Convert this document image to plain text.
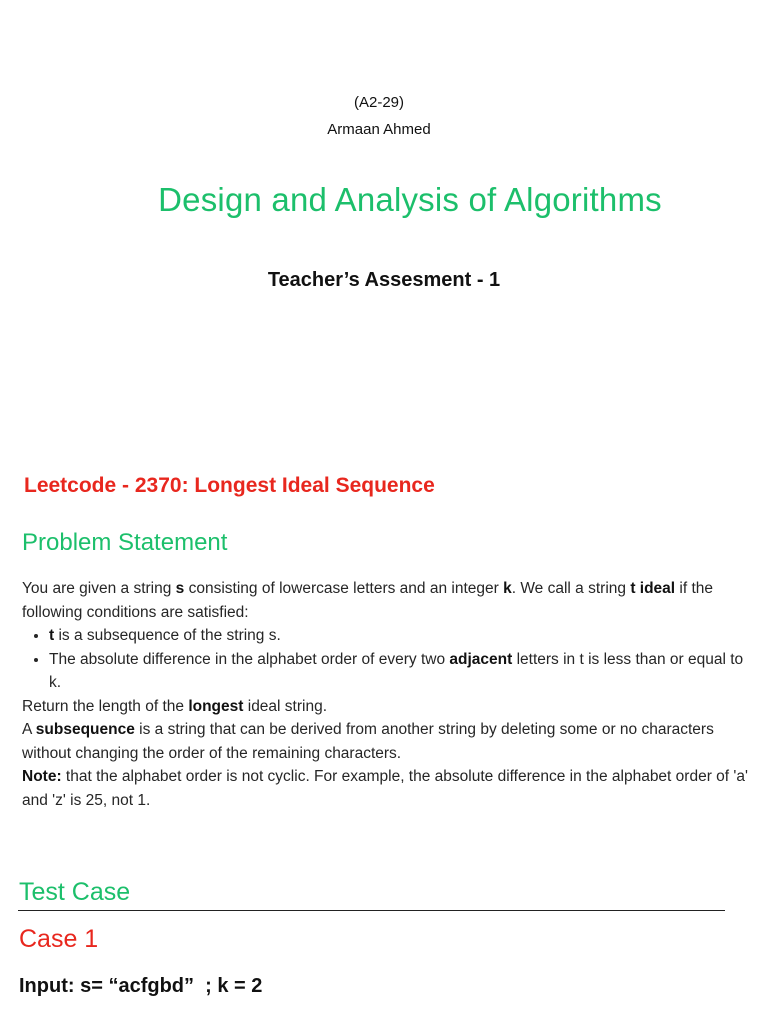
(A2-29)
Armaan Ahmed
Design and Analysis of Algorithms
Teacher’s Assesment - 1
Leetcode - 2370: Longest Ideal Sequence
Problem Statement

You are given a string s consisting of lowercase letters and an integer k. We call a string t ideal if the following conditions are satisfied:

• t is a subsequence of the string s.
• The absolute difference in the alphabet order of every two adjacent letters in t is less than or equal to k.

Return the length of the longest ideal string.

A subsequence is a string that can be derived from another string by deleting some or no characters without changing the order of the remaining characters.

Note: that the alphabet order is not cyclic. For example, the absolute difference in the alphabet order of 'a' and 'z' is 25, not 1.

Test Case
Case 1
Input: s= “acfgbd”  ; k = 2
